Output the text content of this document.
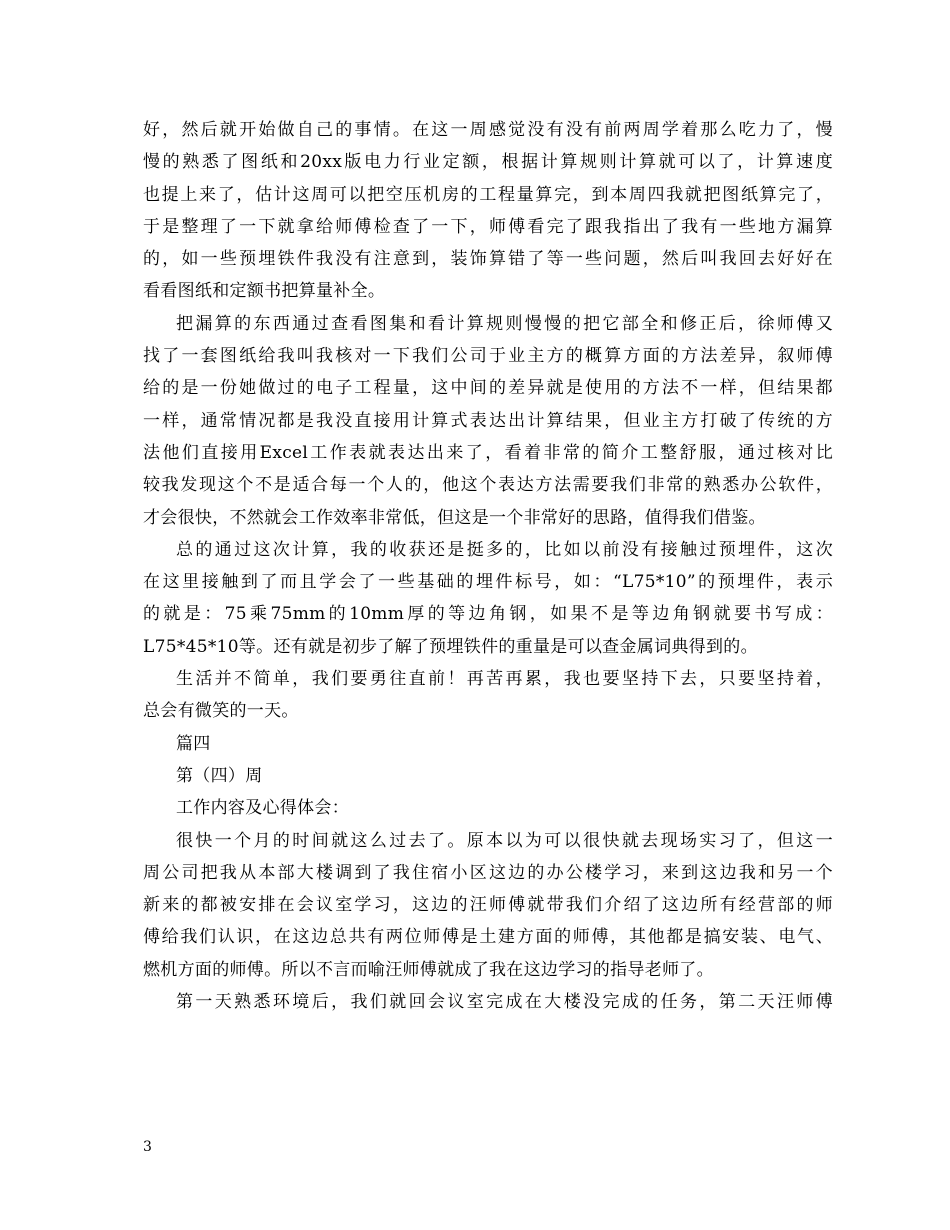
好，然后就开始做自己的事情。在这一周感觉没有没有前两周学着那么吃力了，慢
慢的熟悉了图纸和20xx版电力行业定额，根据计算规则计算就可以了，计算速度
也提上来了，估计这周可以把空压机房的工程量算完，到本周四我就把图纸算完了，
于是整理了一下就拿给师傅检查了一下，师傅看完了跟我指出了我有一些地方漏算
的，如一些预埋铁件我没有注意到，装饰算错了等一些问题，然后叫我回去好好在
看看图纸和定额书把算量补全。
把漏算的东西通过查看图集和看计算规则慢慢的把它部全和修正后，徐师傅又
找了一套图纸给我叫我核对一下我们公司于业主方的概算方面的方法差异，叙师傅
给的是一份她做过的电子工程量，这中间的差异就是使用的方法不一样，但结果都
一样，通常情况都是我没直接用计算式表达出计算结果，但业主方打破了传统的方
法他们直接用Excel工作表就表达出来了，看着非常的简介工整舒服，通过核对比
较我发现这个不是适合每一个人的，他这个表达方法需要我们非常的熟悉办公软件，
才会很快，不然就会工作效率非常低，但这是一个非常好的思路，值得我们借鉴。
总的通过这次计算，我的收获还是挺多的，比如以前没有接触过预埋件，这次
在这里接触到了而且学会了一些基础的埋件标号，如：“L75*10”的预埋件，表示
的就是：75乘75mm的10mm厚的等边角钢，如果不是等边角钢就要书写成：
L75*45*10等。还有就是初步了解了预埋铁件的重量是可以查金属词典得到的。
生活并不简单，我们要勇往直前！再苦再累，我也要坚持下去，只要坚持着，
总会有微笑的一天。
篇四
第（四）周
工作内容及心得体会：
很快一个月的时间就这么过去了。原本以为可以很快就去现场实习了，但这一
周公司把我从本部大楼调到了我住宿小区这边的办公楼学习，来到这边我和另一个
新来的都被安排在会议室学习，这边的汪师傅就带我们介绍了这边所有经营部的师
傅给我们认识，在这边总共有两位师傅是土建方面的师傅，其他都是搞安装、电气、
燃机方面的师傅。所以不言而喻汪师傅就成了我在这边学习的指导老师了。
第一天熟悉环境后，我们就回会议室完成在大楼没完成的任务，第二天汪师傅
3
